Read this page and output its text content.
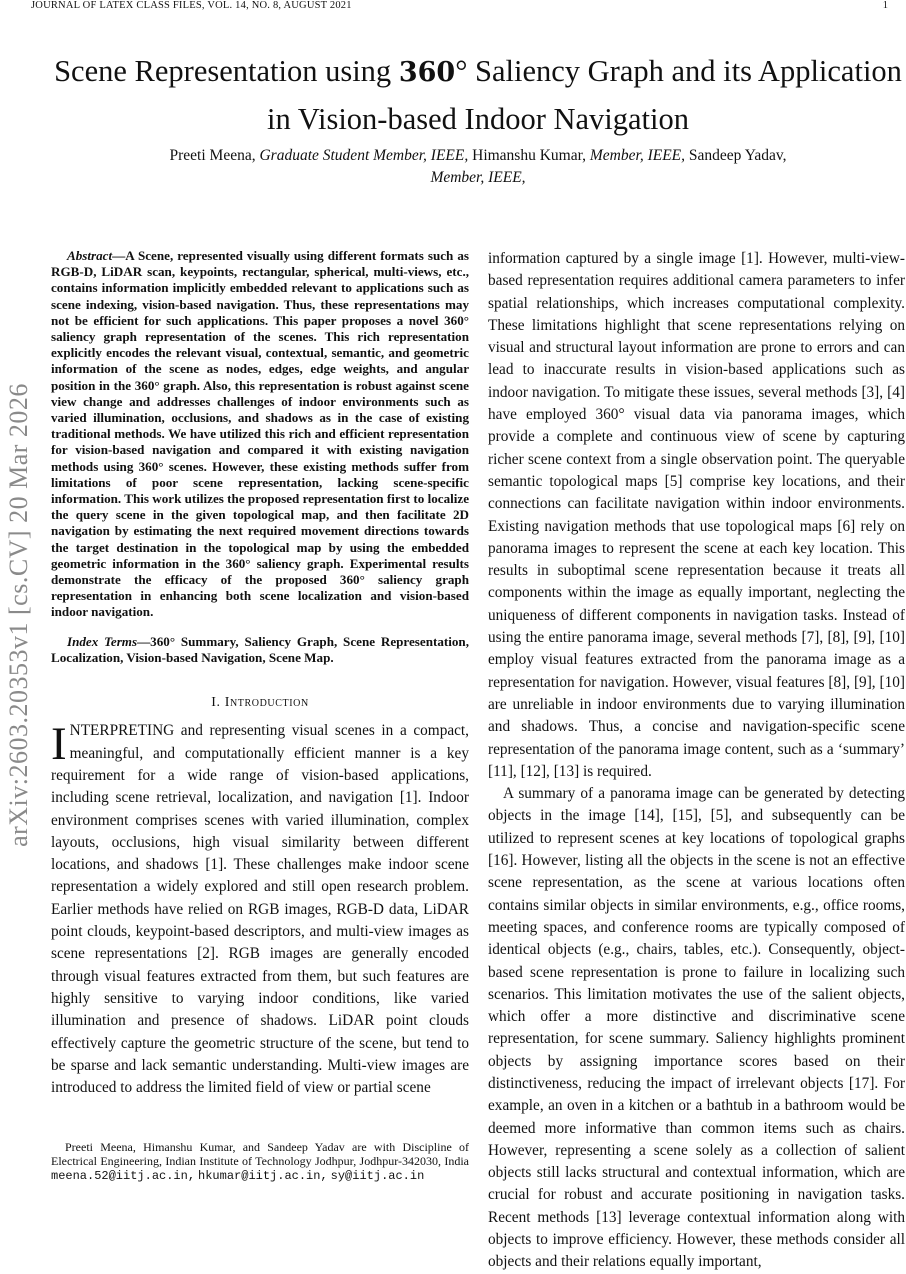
JOURNAL OF LATEX CLASS FILES, VOL. 14, NO. 8, AUGUST 2021	1
arXiv:2603.20353v1 [cs.CV] 20 Mar 2026
Scene Representation using 360° Saliency Graph and its Application in Vision-based Indoor Navigation
Preeti Meena, Graduate Student Member, IEEE, Himanshu Kumar, Member, IEEE, Sandeep Yadav,
Member, IEEE,
Abstract—A Scene, represented visually using different formats such as RGB-D, LiDAR scan, keypoints, rectangular, spherical, multi-views, etc., contains information implicitly embedded relevant to applications such as scene indexing, vision-based navigation. Thus, these representations may not be efficient for such applications. This paper proposes a novel 360° saliency graph representation of the scenes. This rich representation explicitly encodes the relevant visual, contextual, semantic, and geometric information of the scene as nodes, edges, edge weights, and angular position in the 360° graph. Also, this representation is robust against scene view change and addresses challenges of indoor environments such as varied illumination, occlusions, and shadows as in the case of existing traditional methods. We have utilized this rich and efficient representation for vision-based navigation and compared it with existing navigation methods using 360° scenes. However, these existing methods suffer from limitations of poor scene representation, lacking scene-specific information. This work utilizes the proposed representation first to localize the query scene in the given topological map, and then facilitate 2D navigation by estimating the next required movement directions towards the target destination in the topological map by using the embedded geometric information in the 360° saliency graph. Experimental results demonstrate the efficacy of the proposed 360° saliency graph representation in enhancing both scene localization and vision-based indoor navigation.
Index Terms—360° Summary, Saliency Graph, Scene Representation, Localization, Vision-based Navigation, Scene Map.
I. Introduction

INTERPRETING and representing visual scenes in a compact, meaningful, and computationally efficient manner is a key requirement for a wide range of vision-based applications, including scene retrieval, localization, and navigation [1]. Indoor environment comprises scenes with varied illumination, complex layouts, occlusions, high visual similarity between different locations, and shadows [1]. These challenges make indoor scene representation a widely explored and still open research problem. Earlier methods have relied on RGB images, RGB-D data, LiDAR point clouds, keypoint-based descriptors, and multi-view images as scene representations [2]. RGB images are generally encoded through visual features extracted from them, but such features are highly sensitive to varying indoor conditions, like varied illumination and presence of shadows. LiDAR point clouds effectively capture the geometric structure of the scene, but tend to be sparse and lack semantic understanding. Multi-view images are introduced to address the limited field of view or partial scene

information captured by a single image [1]. However, multi-view-based representation requires additional camera parameters to infer spatial relationships, which increases computational complexity. These limitations highlight that scene representations relying on visual and structural layout information are prone to errors and can lead to inaccurate results in vision-based applications such as indoor navigation. To mitigate these issues, several methods [3], [4] have employed 360° visual data via panorama images, which provide a complete and continuous view of scene by capturing richer scene context from a single observation point. The queryable semantic topological maps [5] comprise key locations, and their connections can facilitate navigation within indoor environments. Existing navigation methods that use topological maps [6] rely on panorama images to represent the scene at each key location. This results in suboptimal scene representation because it treats all components within the image as equally important, neglecting the uniqueness of different components in navigation tasks. Instead of using the entire panorama image, several methods [7], [8], [9], [10] employ visual features extracted from the panorama image as a representation for navigation. However, visual features [8], [9], [10] are unreliable in indoor environments due to varying illumination and shadows. Thus, a concise and navigation-specific scene representation of the panorama image content, such as a ‘summary’ [11], [12], [13] is required.

A summary of a panorama image can be generated by detecting objects in the image [14], [15], [5], and subsequently can be utilized to represent scenes at key locations of topological graphs [16]. However, listing all the objects in the scene is not an effective scene representation, as the scene at various locations often contains similar objects in similar environments, e.g., office rooms, meeting spaces, and conference rooms are typically composed of identical objects (e.g., chairs, tables, etc.). Consequently, object-based scene representation is prone to failure in localizing such scenarios. This limitation motivates the use of the salient objects, which offer a more distinctive and discriminative scene representation, for scene summary. Saliency highlights prominent objects by assigning importance scores based on their distinctiveness, reducing the impact of irrelevant objects [17]. For example, an oven in a kitchen or a bathtub in a bathroom would be deemed more informative than common items such as chairs. However, representing a scene solely as a collection of salient objects still lacks structural and contextual information, which are crucial for robust and accurate positioning in navigation tasks. Recent methods [13] leverage contextual information along with objects to improve efficiency. However, these methods consider all objects and their relations equally important,

Preeti Meena, Himanshu Kumar, and Sandeep Yadav are with Discipline of Electrical Engineering, Indian Institute of Technology Jodhpur, Jodhpur-342030, India meena.52@iitj.ac.in, hkumar@iitj.ac.in, sy@iitj.ac.in
